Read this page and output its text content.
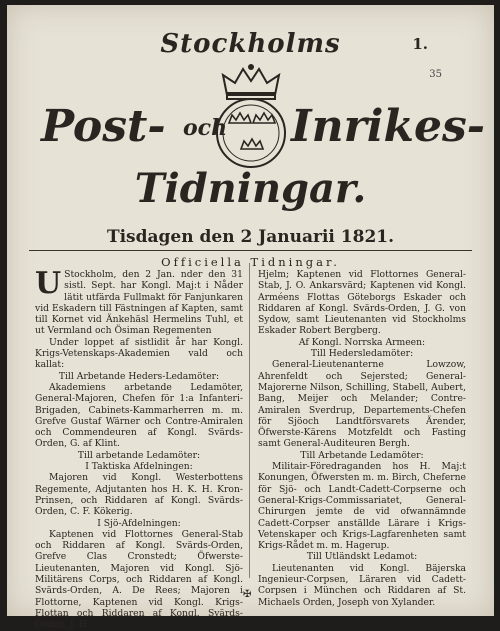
Stockholms	1.
35
Post- och Inrikes-
Tidningar.
Tisdagen den 2 Januarii 1821.
Officiella Tidningar.

U Stockholm, den 2 Jan. nder den 31 sistl. Sept. har Kongl. Maj:t i Nåder lätit utfärda Fullmakt för Fanjunkaren vid Eskadern till Fästningen af Kapten, samt till Kornet vid Änkehäsl Hermelins Tuhl, et ut Vermland och Ösiman Regementen

Under loppet af sistlidit år har Kongl. Krigs-Vetenskaps-Akademien vald och kallat:

Till Arbetande Heders-Ledamöter:

Akademiens arbetande Ledamöter, General-Majoren, Chefen för 1:a Infanteri-Brigaden, Cabinets-Kammarherren m. m. Grefve Gustaf Wärner och Contre-Amiralen och Commendeuren af Kongl. Svärds-Orden, G. af Klint.

Till arbetande Ledamöter:

I Taktiska Afdelningen:

Majoren vid Kongl. Westerbottens Regemente, Adjutanten hos H. K. H. Kron-Prinsen, och Riddaren af Kongl. Svärds-Orden, C. F. Kökerig.

I Sjö-Afdelningen:

Kaptenen vid Flottornes General-Stab och Riddaren af Kongl. Svärds-Orden, Grefve Clas Cronstedt; Öfwerste-Lieutenanten, Majoren vid Kongl. Sjö-Militärens Corps, och Riddaren af Kongl. Svärds-Orden, A. De Rees; Majoren i Flottorne, Kaptenen vid Kongl. Krigs-Flottan och Riddaren af Kongl. Svärds-Orden, J. H.

Hjelm; Kaptenen vid Flottornes General-Stab, J. O. Ankarsvärd; Kaptenen vid Kongl. Arméens Flottas Göteborgs Eskader och Riddaren af Kongl. Svärds-Orden, J. G. von Sydow, samt Lieutenanten vid Stockholms Eskader Robert Bergberg.

Af Kongl. Norrska Armeen:

Till Hedersledamöter:

General-Lieutenanterne Lowzow, Ahrenfeldt och Sejersted; General-Majorerne Nilson, Schilling, Stabell, Aubert, Bang, Meijer och Melander; Contre-Amiralen Sverdrup, Departements-Chefen för Sjöoch Landtförsvarets Ärender, Öfwerste-Kärens Motzfeldt och Fasting samt General-Auditeuren Bergh.

Till Arbetande Ledamöter:

Militair-Föredraganden hos H. Maj:t Konungen, Öfwersten m. m. Birch, Cheferne för Sjö- och Landt-Cadett-Corpserne och General-Krigs-Commissariatet, General-Chirurgen jemte de vid ofwannämnde Cadett-Corpser anställde Lärare i Krigs-Vetenskaper och Krigs-Lagfarenheten samt Krigs-Rådet m. m. Hagerup.

Till Utländskt Ledamot:

Lieutenanten vid Kongl. Bäjerska Ingenieur-Corpsen, Läraren vid Cadett-Corpsen i München och Riddaren af St. Michaels Orden, Joseph von Xylander.

✠
